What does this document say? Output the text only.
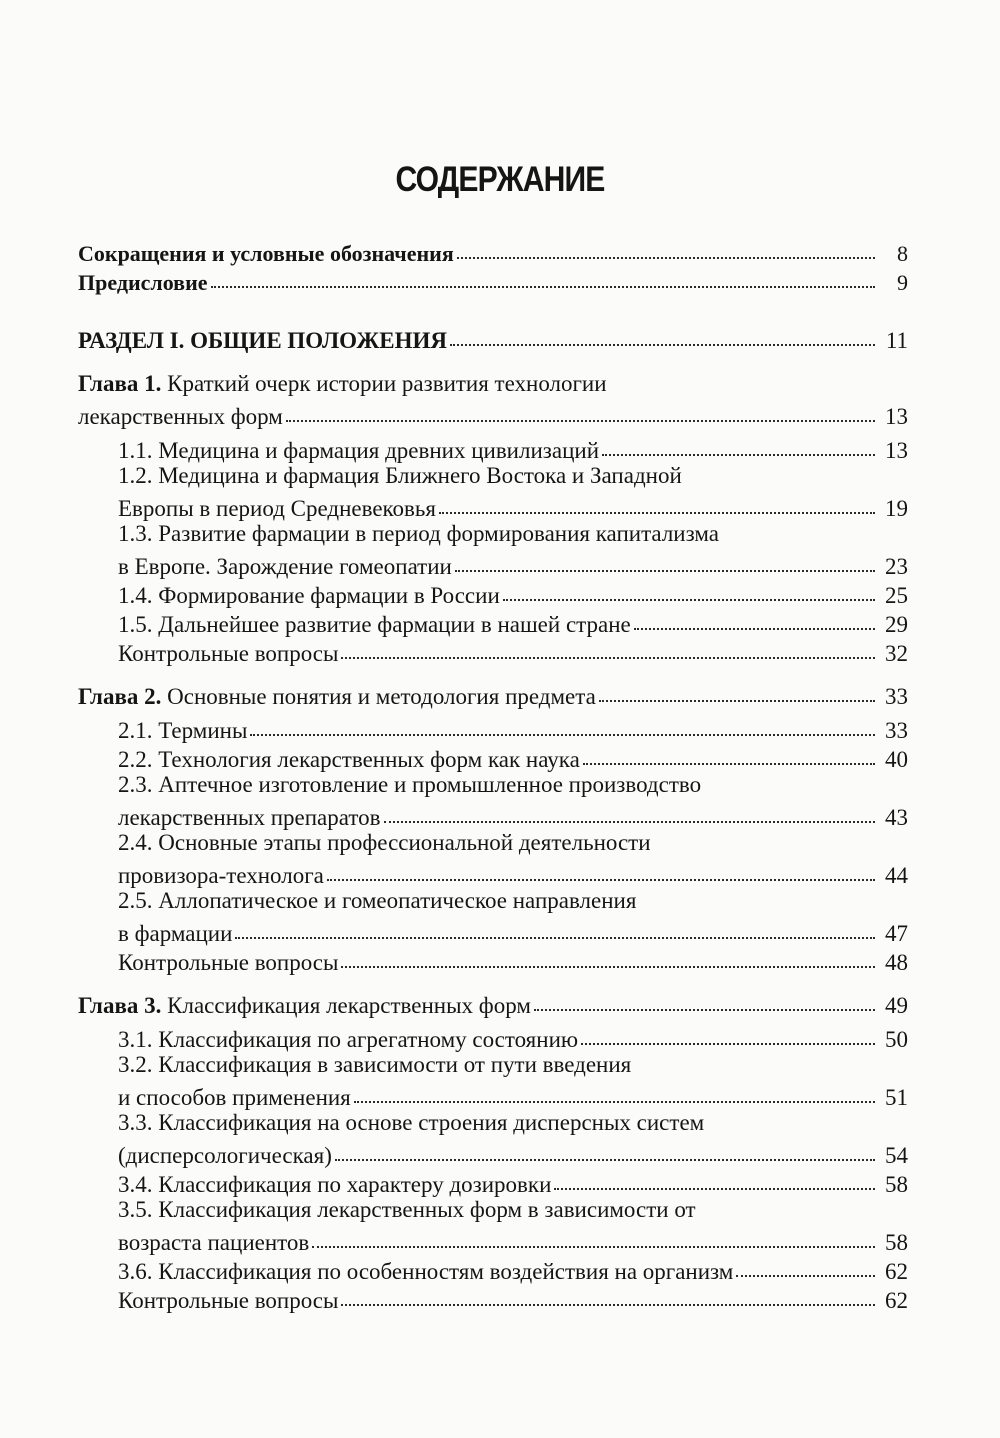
СОДЕРЖАНИЕ
Сокращения и условные обозначения	8
Предисловие	9
РАЗДЕЛ I. ОБЩИЕ ПОЛОЖЕНИЯ	11
Глава 1. Краткий очерк истории развития технологии
лекарственных форм	13
1.1. Медицина и фармация древних цивилизаций	13
1.2. Медицина и фармация Ближнего Востока и Западной
Европы в период Средневековья	19
1.3. Развитие фармации в период формирования капитализма
в Европе. Зарождение гомеопатии	23
1.4. Формирование фармации в России	25
1.5. Дальнейшее развитие фармации в нашей стране	29
Контрольные вопросы	32
Глава 2. Основные понятия и методология предмета	33
2.1. Термины	33
2.2. Технология лекарственных форм как наука	40
2.3. Аптечное изготовление и промышленное производство
лекарственных препаратов	43
2.4. Основные этапы профессиональной деятельности
провизора-технолога	44
2.5. Аллопатическое и гомеопатическое направления
в фармации	47
Контрольные вопросы	48
Глава 3. Классификация лекарственных форм	49
3.1. Классификация по агрегатному состоянию	50
3.2. Классификация в зависимости от пути введения
и способов применения	51
3.3. Классификация на основе строения дисперсных систем
(дисперсологическая)	54
3.4. Классификация по характеру дозировки	58
3.5. Классификация лекарственных форм в зависимости от
возраста пациентов	58
3.6. Классификация по особенностям воздействия на организм	62
Контрольные вопросы	62
